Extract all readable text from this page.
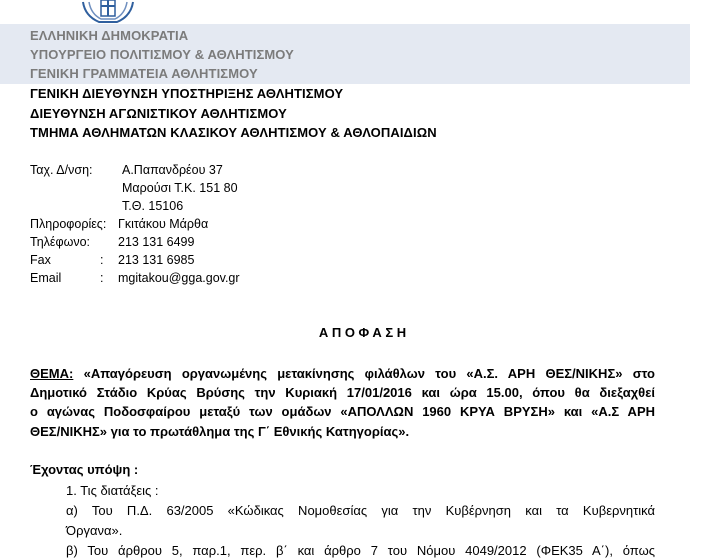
ΕΛΛΗΝΙΚΗ ΔΗΜΟΚΡΑΤΙΑ
ΥΠΟΥΡΓΕΙΟ ΠΟΛΙΤΙΣΜΟΥ & ΑΘΛΗΤΙΣΜΟΥ
ΓΕΝΙΚΗ ΓΡΑΜΜΑΤΕΙΑ ΑΘΛΗΤΙΣΜΟΥ
ΓΕΝΙΚΗ ΔΙΕΥΘΥΝΣΗ ΥΠΟΣΤΗΡΙΞΗΣ ΑΘΛΗΤΙΣΜΟΥ
ΔΙΕΥΘΥΝΣΗ ΑΓΩΝΙΣΤΙΚΟΥ ΑΘΛΗΤΙΣΜΟΥ
ΤΜΗΜΑ ΑΘΛΗΜΑΤΩΝ ΚΛΑΣΙΚΟΥ ΑΘΛΗΤΙΣΜΟΥ & ΑΘΛΟΠΑΙΔΙΩΝ
Ταχ. Δ/νση: Α.Παπανδρέου 37
Μαρούσι Τ.Κ. 151 80
Τ.Θ. 15106
Πληροφορίες: Γκιτάκου Μάρθα
Τηλέφωνο: 213 131 6499
Fax	: 213 131 6985
Email	: mgitakou@gga.gov.gr
Α Π Ο Φ Α Σ Η
ΘΕΜΑ: «Απαγόρευση οργανωμένης μετακίνησης φιλάθλων του «Α.Σ. ΑΡΗ ΘΕΣ/ΝΙΚΗΣ» στο
Δημοτικό Στάδιο Κρύας Βρύσης την Κυριακή 17/01/2016 και ώρα 15.00, όπου θα διεξαχθεί
ο αγώνας Ποδοσφαίρου μεταξύ των ομάδων «ΑΠΟΛΛΩΝ 1960 ΚΡΥΑ ΒΡΥΣΗ» και «Α.Σ ΑΡΗ
ΘΕΣ/ΝΙΚΗΣ» για το πρωτάθλημα της Γ΄ Εθνικής Κατηγορίας».
Έχοντας υπόψη :
1. Τις διατάξεις :
α) Του Π.Δ. 63/2005 «Κώδικας Νομοθεσίας για την Κυβέρνηση και τα Κυβερνητικά
Όργανα».
β) Του άρθρου 5, παρ.1, περ. β΄ και άρθρο 7 του Νόμου 4049/2012 (ΦΕΚ35 Α΄), όπως
